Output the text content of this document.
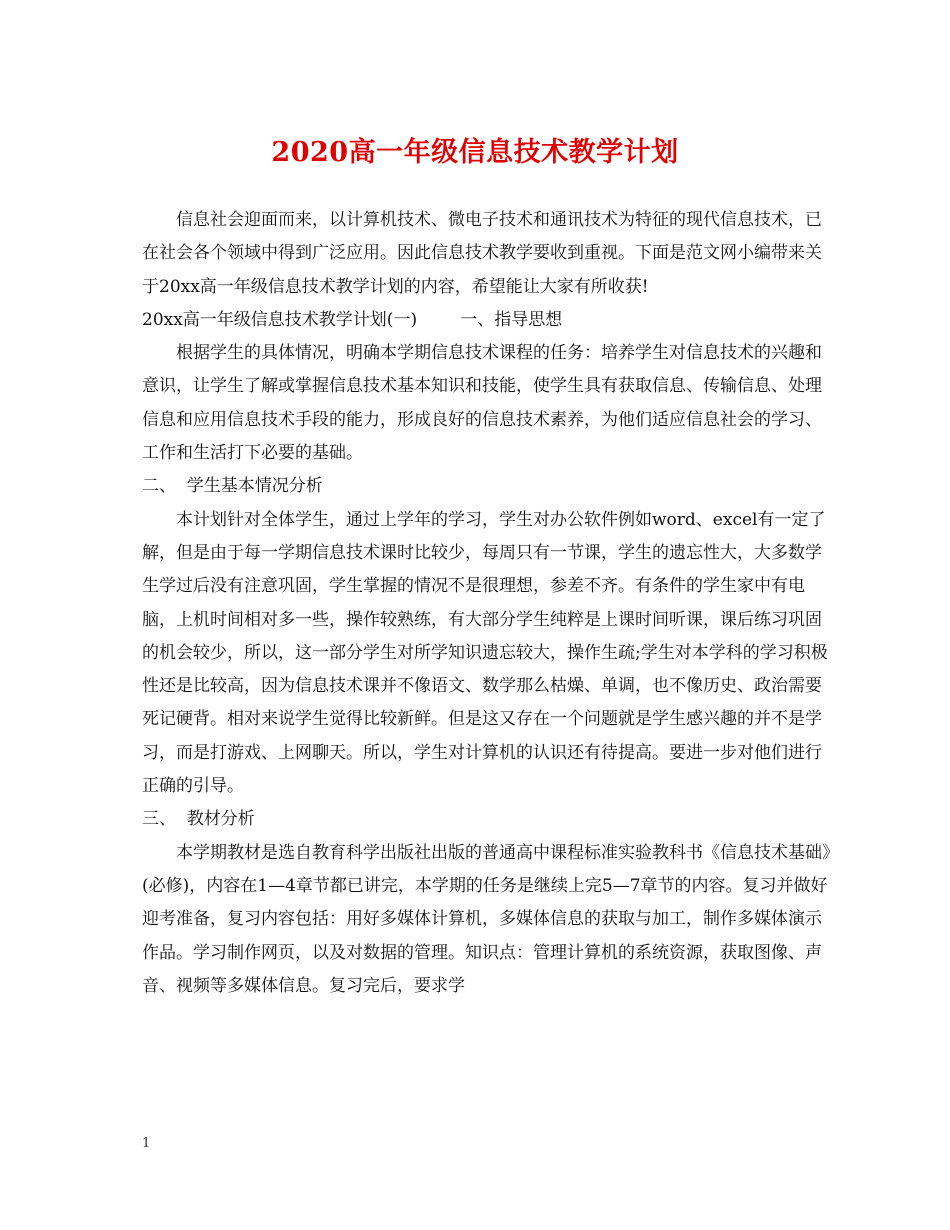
2020高一年级信息技术教学计划

信息社会迎面而来，以计算机技术、微电子技术和通讯技术为特征的现代信息技术，已在社会各个领域中得到广泛应用。因此信息技术教学要收到重视。下面是范文网小编带来关于20xx高一年级信息技术教学计划的内容，希望能让大家有所收获!

20xx高一年级信息技术教学计划(一)        一、指导思想

根据学生的具体情况，明确本学期信息技术课程的任务：培养学生对信息技术的兴趣和意识，让学生了解或掌握信息技术基本知识和技能，使学生具有获取信息、传输信息、处理信息和应用信息技术手段的能力，形成良好的信息技术素养，为他们适应信息社会的学习、工作和生活打下必要的基础。

二、  学生基本情况分析

本计划针对全体学生，通过上学年的学习，学生对办公软件例如word、excel有一定了解，但是由于每一学期信息技术课时比较少，每周只有一节课，学生的遗忘性大，大多数学生学过后没有注意巩固，学生掌握的情况不是很理想，参差不齐。有条件的学生家中有电脑，上机时间相对多一些，操作较熟练，有大部分学生纯粹是上课时间听课，课后练习巩固的机会较少，所以，这一部分学生对所学知识遗忘较大，操作生疏;学生对本学科的学习积极性还是比较高，因为信息技术课并不像语文、数学那么枯燥、单调，也不像历史、政治需要死记硬背。相对来说学生觉得比较新鲜。但是这又存在一个问题就是学生感兴趣的并不是学习，而是打游戏、上网聊天。所以，学生对计算机的认识还有待提高。要进一步对他们进行正确的引导。

三、  教材分析

本学期教材是选自教育科学出版社出版的普通高中课程标准实验教科书《信息技术基础》(必修)，内容在1—4章节都已讲完，本学期的任务是继续上完5—7章节的内容。复习并做好迎考准备，复习内容包括：用好多媒体计算机，多媒体信息的获取与加工，制作多媒体演示作品。学习制作网页，以及对数据的管理。知识点：管理计算机的系统资源，获取图像、声音、视频等多媒体信息。复习完后，要求学

1
